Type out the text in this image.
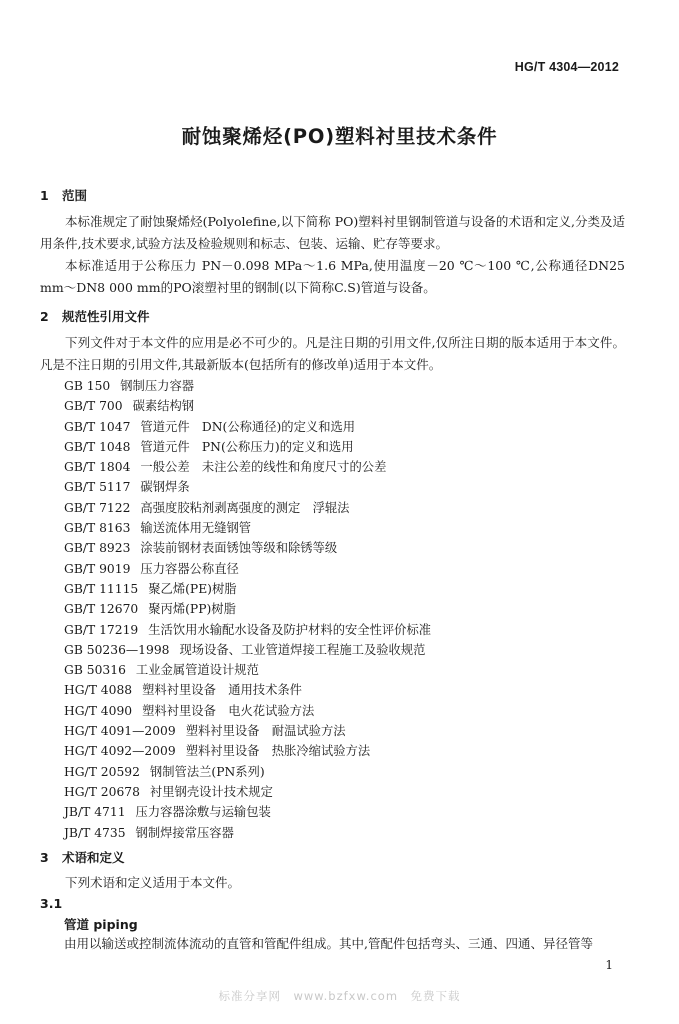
HG/T 4304—2012
耐蚀聚烯烃(PO)塑料衬里技术条件
1 范围
本标准规定了耐蚀聚烯烃(Polyolefine,以下简称 PO)塑料衬里钢制管道与设备的术语和定义,分类及适用条件,技术要求,试验方法及检验规则和标志、包装、运输、贮存等要求。
本标准适用于公称压力 PN－0.098 MPa～1.6 MPa,使用温度－20 ℃～100 ℃,公称通径DN25 mm～DN8 000 mm的PO滚塑衬里的钢制(以下简称C.S)管道与设备。
2 规范性引用文件
下列文件对于本文件的应用是必不可少的。凡是注日期的引用文件,仅所注日期的版本适用于本文件。凡是不注日期的引用文件,其最新版本(包括所有的修改单)适用于本文件。
GB 150 钢制压力容器
GB/T 700 碳素结构钢
GB/T 1047 管道元件　DN(公称通径)的定义和选用
GB/T 1048 管道元件　PN(公称压力)的定义和选用
GB/T 1804 一般公差　未注公差的线性和角度尺寸的公差
GB/T 5117 碳钢焊条
GB/T 7122 高强度胶粘剂剥离强度的测定　浮辊法
GB/T 8163 输送流体用无缝钢管
GB/T 8923 涂装前钢材表面锈蚀等级和除锈等级
GB/T 9019 压力容器公称直径
GB/T 11115 聚乙烯(PE)树脂
GB/T 12670 聚丙烯(PP)树脂
GB/T 17219 生活饮用水输配水设备及防护材料的安全性评价标准
GB 50236—1998 现场设备、工业管道焊接工程施工及验收规范
GB 50316 工业金属管道设计规范
HG/T 4088 塑料衬里设备　通用技术条件
HG/T 4090 塑料衬里设备　电火花试验方法
HG/T 4091—2009 塑料衬里设备　耐温试验方法
HG/T 4092—2009 塑料衬里设备　热胀冷缩试验方法
HG/T 20592 钢制管法兰(PN系列)
HG/T 20678 衬里钢壳设计技术规定
JB/T 4711 压力容器涂敷与运输包装
JB/T 4735 钢制焊接常压容器
3 术语和定义
下列术语和定义适用于本文件。
3.1
管道 piping
由用以输送或控制流体流动的直管和管配件组成。其中,管配件包括弯头、三通、四通、异径管等
1
标准分享网　www.bzfxw.com　免费下载
